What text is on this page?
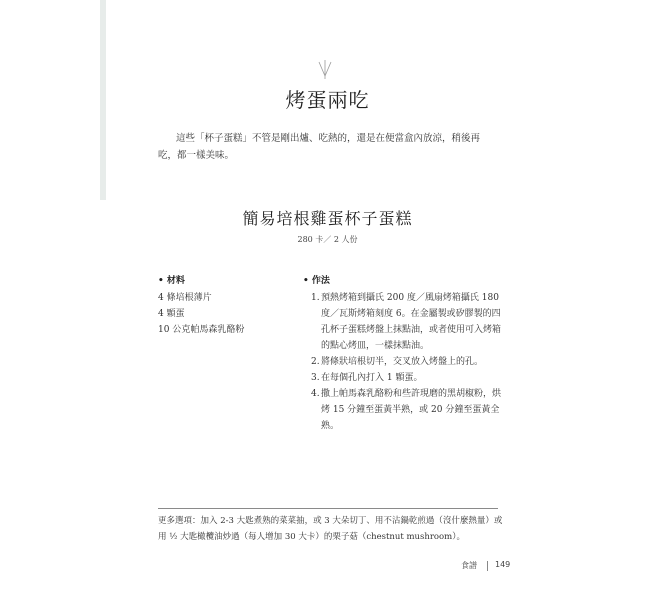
烤蛋兩吃

這些「杯子蛋糕」不管是剛出爐、吃熱的，還是在便當盒內放涼，稍後再吃，都一樣美味。

簡易培根雞蛋杯子蛋糕
280 卡／ 2 人份
• 材料
4 條培根薄片
4 顆蛋
10 公克帕馬森乳酪粉
• 作法
1. 預熱烤箱到攝氏 200 度／風扇烤箱攝氏 180 度／瓦斯烤箱刻度 6。在金屬製或矽膠製的四孔杯子蛋糕烤盤上抹點油，或者使用可入烤箱的點心烤皿，一樣抹點油。
2. 將條狀培根切半，交叉放入烤盤上的孔。
3. 在每個孔內打入 1 顆蛋。
4. 撒上帕馬森乳酪粉和些許現磨的黑胡椒粉，烘烤 15 分鐘至蛋黃半熟，或 20 分鐘至蛋黃全熟。
更多選項：加入 2-3 大匙煮熟的菜菜抽，或 3 大朵切丁、用不沾鍋乾煎過（沒什麼熱量）或用 ½ 大匙橄欖油炒過（每人增加 30 大卡）的栗子菇（chestnut mushroom）。
食譜 149
